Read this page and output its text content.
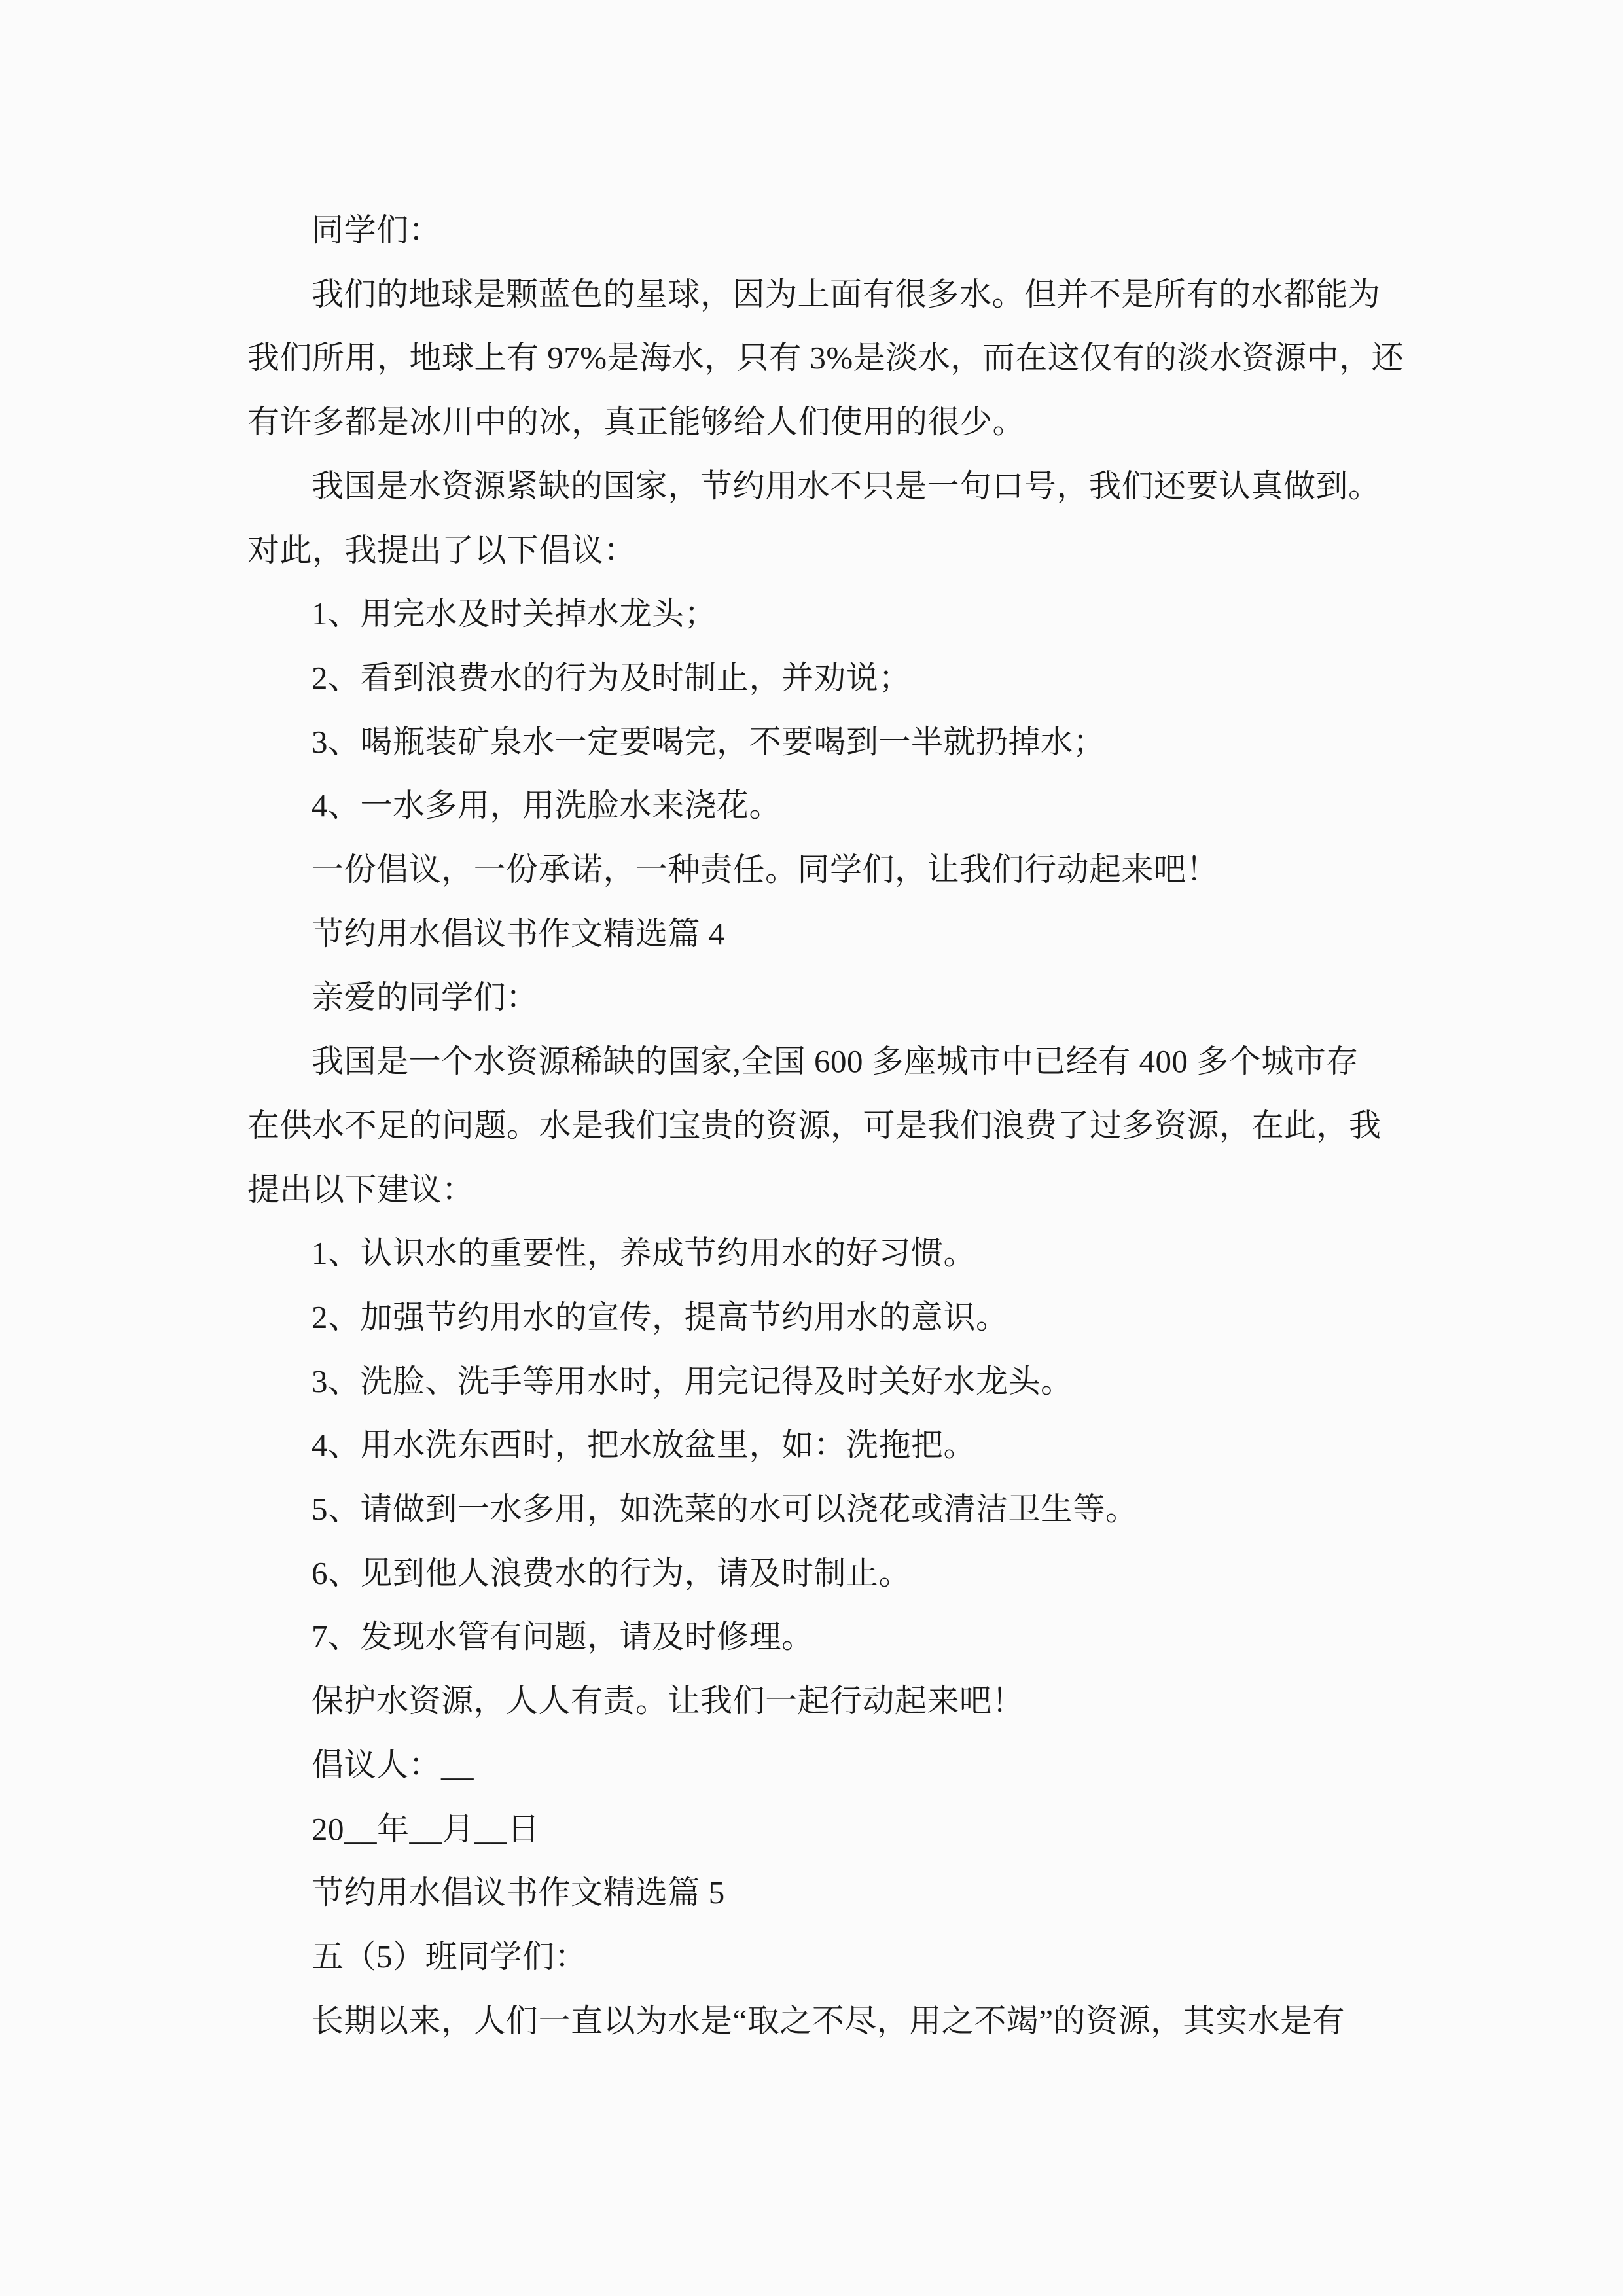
同学们：
我们的地球是颗蓝色的星球，因为上面有很多水。但并不是所有的水都能为
我们所用，地球上有 97%是海水，只有 3%是淡水，而在这仅有的淡水资源中，还
有许多都是冰川中的冰，真正能够给人们使用的很少。
我国是水资源紧缺的国家，节约用水不只是一句口号，我们还要认真做到。
对此，我提出了以下倡议：
1、用完水及时关掉水龙头；
2、看到浪费水的行为及时制止，并劝说；
3、喝瓶装矿泉水一定要喝完，不要喝到一半就扔掉水；
4、一水多用，用洗脸水来浇花。
一份倡议，一份承诺，一种责任。同学们，让我们行动起来吧！
节约用水倡议书作文精选篇 4
亲爱的同学们：
我国是一个水资源稀缺的国家,全国 600 多座城市中已经有 400 多个城市存
在供水不足的问题。水是我们宝贵的资源，可是我们浪费了过多资源，在此，我
提出以下建议：
1、认识水的重要性，养成节约用水的好习惯。
2、加强节约用水的宣传，提高节约用水的意识。
3、洗脸、洗手等用水时，用完记得及时关好水龙头。
4、用水洗东西时，把水放盆里，如：洗拖把。
5、请做到一水多用，如洗菜的水可以浇花或清洁卫生等。
6、见到他人浪费水的行为，请及时制止。
7、发现水管有问题，请及时修理。
保护水资源，人人有责。让我们一起行动起来吧！
倡议人：__
20__年__月__日
节约用水倡议书作文精选篇 5
五（5）班同学们：
长期以来，人们一直以为水是“取之不尽，用之不竭”的资源，其实水是有
